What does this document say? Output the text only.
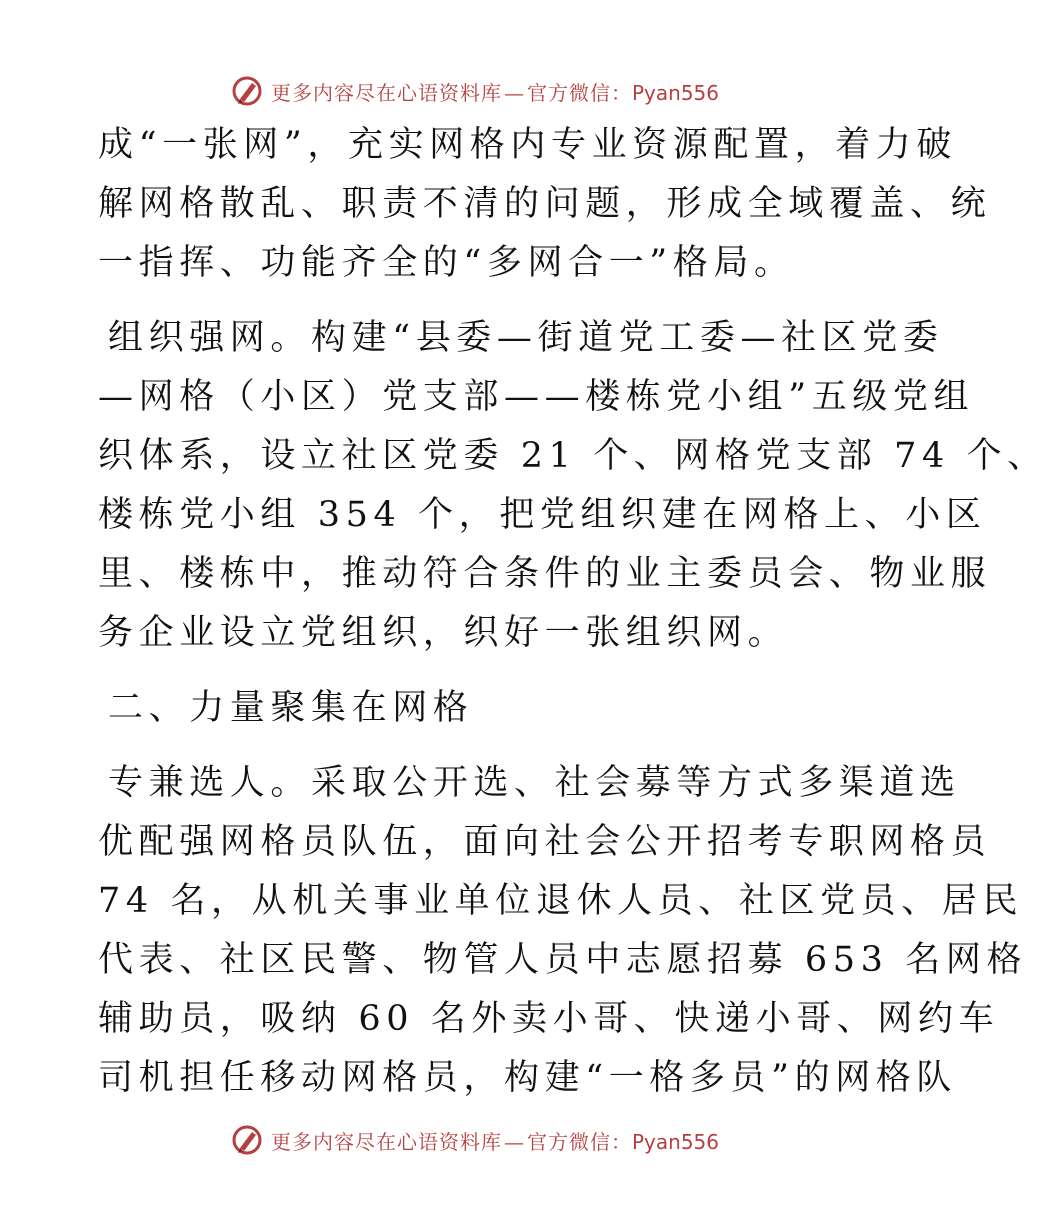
更多内容尽在心语资料库 — 官方微信： Pyan556

成“一张网”，充实网格内专业资源配置，着力破

解网格散乱、职责不清的问题，形成全域覆盖、统

一指挥、功能齐全的“多网合一”格局。

组织强网。构建“县委—街道党工委—社区党委

—网格（小区）党支部——楼栋党小组”五级党组

织体系，设立社区党委 21 个、网格党支部 74 个、

楼栋党小组 354 个，把党组织建在网格上、小区

里、楼栋中，推动符合条件的业主委员会、物业服

务企业设立党组织，织好一张组织网。

二、力量聚集在网格

专兼选人。采取公开选、社会募等方式多渠道选

优配强网格员队伍，面向社会公开招考专职网格员

74 名，从机关事业单位退休人员、社区党员、居民

代表、社区民警、物管人员中志愿招募 653 名网格

辅助员，吸纳 60 名外卖小哥、快递小哥、网约车

司机担任移动网格员，构建“一格多员”的网格队

更多内容尽在心语资料库 — 官方微信： Pyan556
